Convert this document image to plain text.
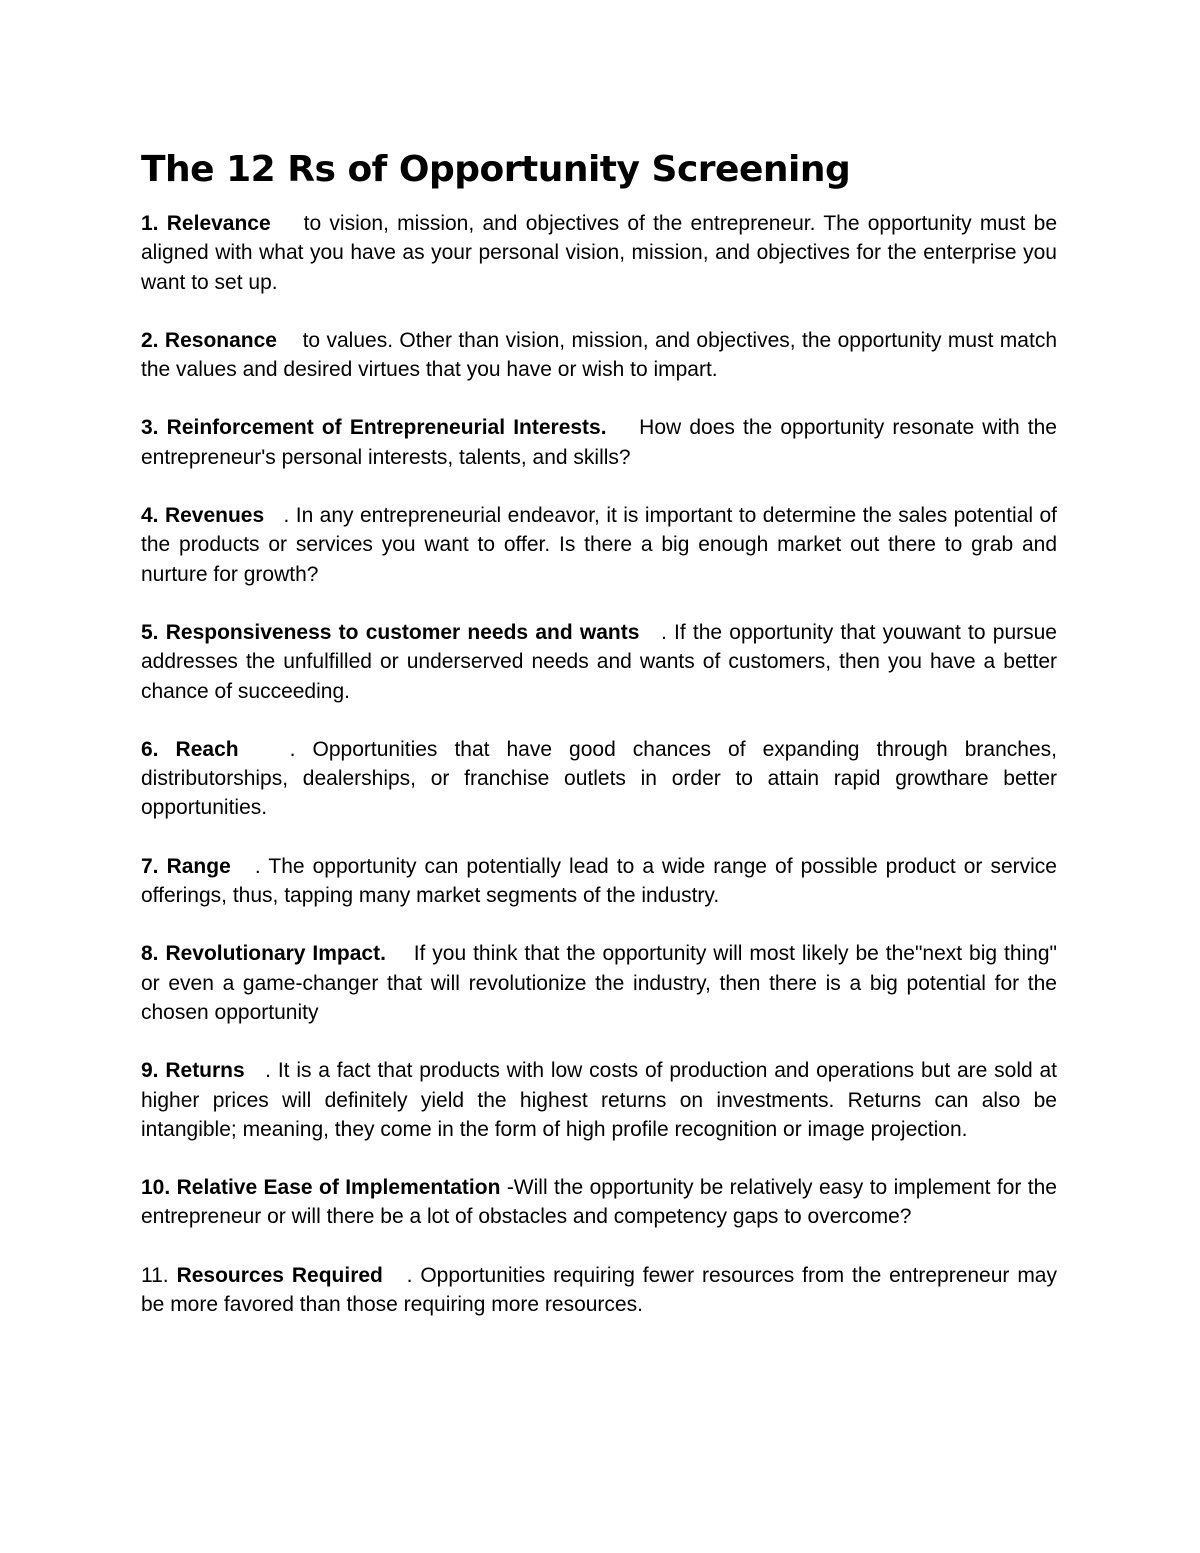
The 12 Rs of Opportunity Screening

1. Relevance to vision, mission, and objectives of the entrepreneur. The opportunity must be aligned with what you have as your personal vision, mission, and objectives for the enterprise you want to set up.

2. Resonance to values. Other than vision, mission, and objectives, the opportunity must match the values and desired virtues that you have or wish to impart.

3. Reinforcement of Entrepreneurial Interests. How does the opportunity resonate with the entrepreneur's personal interests, talents, and skills?

4. Revenues . In any entrepreneurial endeavor, it is important to determine the sales potential of the products or services you want to offer. Is there a big enough market out there to grab and nurture for growth?

5. Responsiveness to customer needs and wants . If the opportunity that youwant to pursue addresses the unfulfilled or underserved needs and wants of customers, then you have a better chance of succeeding.

6. Reach . Opportunities that have good chances of expanding through branches, distributorships, dealerships, or franchise outlets in order to attain rapid growthare better opportunities.

7. Range . The opportunity can potentially lead to a wide range of possible product or service offerings, thus, tapping many market segments of the industry.

8. Revolutionary Impact. If you think that the opportunity will most likely be the"next big thing" or even a game-changer that will revolutionize the industry, then there is a big potential for the chosen opportunity

9. Returns . It is a fact that products with low costs of production and operations but are sold at higher prices will definitely yield the highest returns on investments. Returns can also be intangible; meaning, they come in the form of high profile recognition or image projection.

10. Relative Ease of Implementation -Will the opportunity be relatively easy to implement for the entrepreneur or will there be a lot of obstacles and competency gaps to overcome?

11. Resources Required . Opportunities requiring fewer resources from the entrepreneur may be more favored than those requiring more resources.
